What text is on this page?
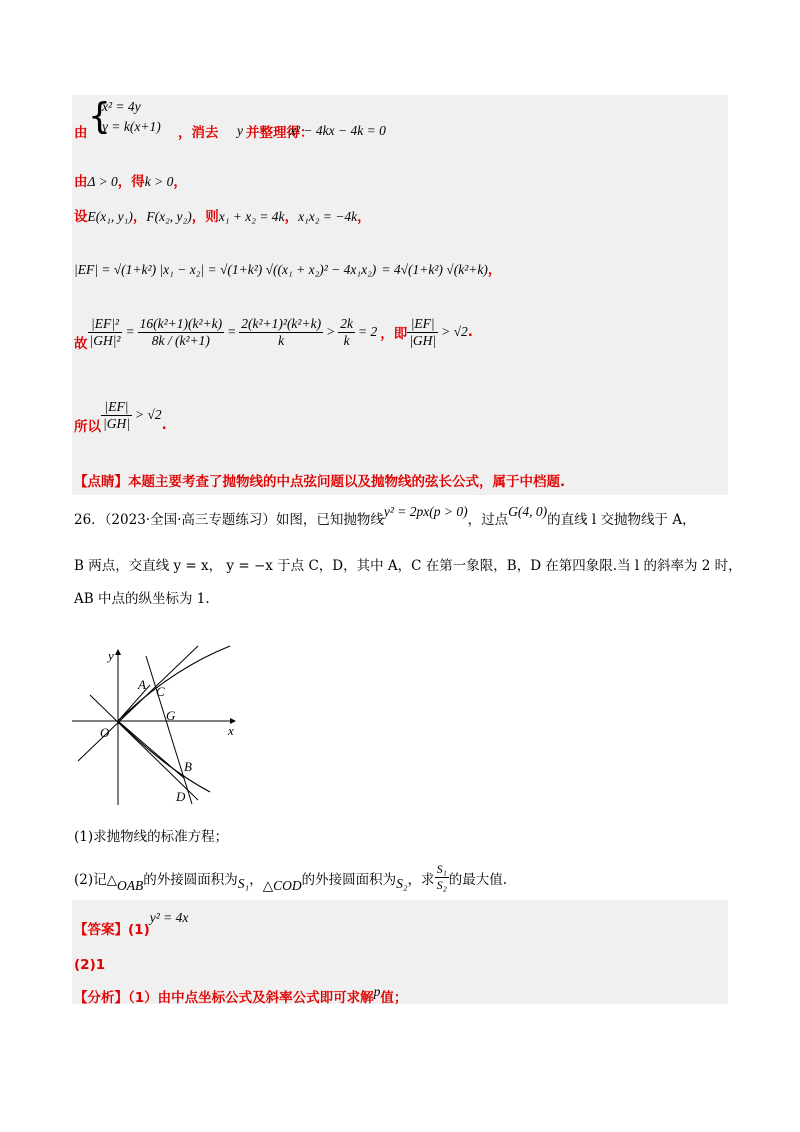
由 {
x² = 4y
y = k(x+1) ，消去 y 并整理得：
x² − 4kx − 4k = 0
由Δ > 0，得k > 0，
设E(x₁, y₁)，F(x₂, y₂)，则x₁ + x₂ = 4k，x₁x₂ = −4k，
|EF| = √(1+k²) |x₁ − x₂| = √(1+k²) √((x₁ + x₂)² − 4x₁x₂) = 4√(1+k²) √(k²+k)，
故 $\frac{\text{|EF|²}}{\text{|GH|²}} = \frac{\text{16(k²+1)(k²+k)}}{\text{8k / (k²+1)}} = \frac{\text{2(k²+1)²(k²+k)}}{k} > \frac{2k}{k} = 2$ ，即 $\frac{|EF|}{|GH|} > √2$ .
所以 $\frac{|EF|}{|GH|} > √2$
.
【点睛】本题主要考查了抛物线的中点弦问题以及抛物线的弦长公式，属于中档题.
26．（2023·全国·高三专题练习）如图，已知抛物线y² = 2px(p > 0)，过点G(4, 0)的直线 l 交抛物线于 A，
B 两点，交直线 y = x， y = −x 于点 C，D，其中 A，C 在第一象限，B，D 在第四象限.当 l 的斜率为 2 时，
AB 中点的纵坐标为 1.
y
x
O
A C
G
B
D
(1)求抛物线的标准方程；
(2)记△ OAB 的外接圆面积为 S₁ ， △COD 的外接圆面积为 S₂ ，求 $\frac{\text{S₁}}{\text{S₂}}$ 的最大值.
【答案】(1)y² = 4x
(2)1
【分析】（1）由中点坐标公式及斜率公式即可求解p值；
